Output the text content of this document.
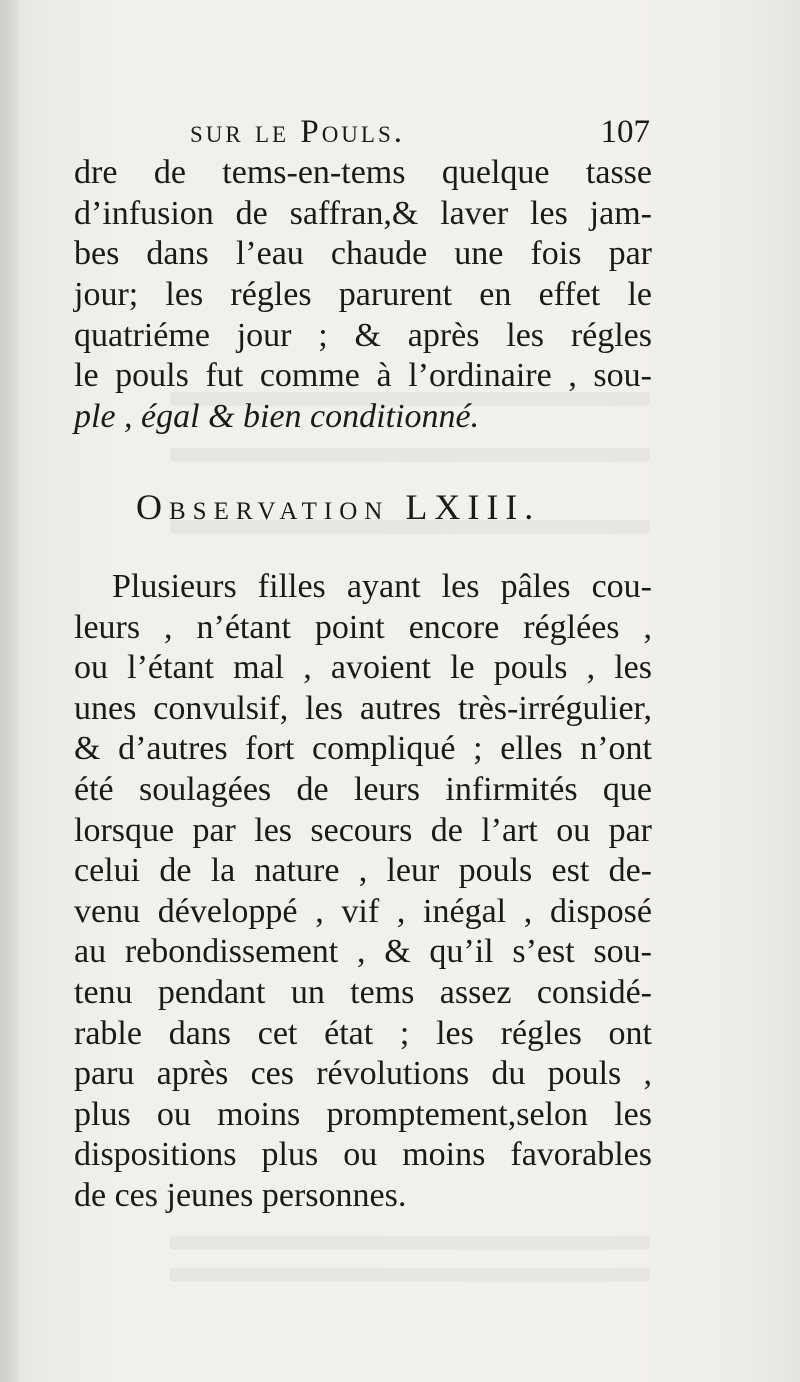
sur le Pouls.	107
dre de tems-en-tems quelque tasse
d’infusion de saffran,& laver les jam-
bes dans l’eau chaude une fois par
jour; les régles parurent en effet le
quatriéme jour ; & après les régles
le pouls fut comme à l’ordinaire , sou-
ple , égal & bien conditionné.
Observation LXIII.
Plusieurs filles ayant les pâles cou-
leurs , n’étant point encore réglées ,
ou l’étant mal , avoient le pouls , les
unes convulsif, les autres très-irrégulier,
& d’autres fort compliqué ; elles n’ont
été soulagées de leurs infirmités que
lorsque par les secours de l’art ou par
celui de la nature , leur pouls est de-
venu développé , vif , inégal , disposé
au rebondissement , & qu’il s’est sou-
tenu pendant un tems assez considé-
rable dans cet état ; les régles ont
paru après ces révolutions du pouls ,
plus ou moins promptement,selon les
dispositions plus ou moins favorables
de ces jeunes personnes.
